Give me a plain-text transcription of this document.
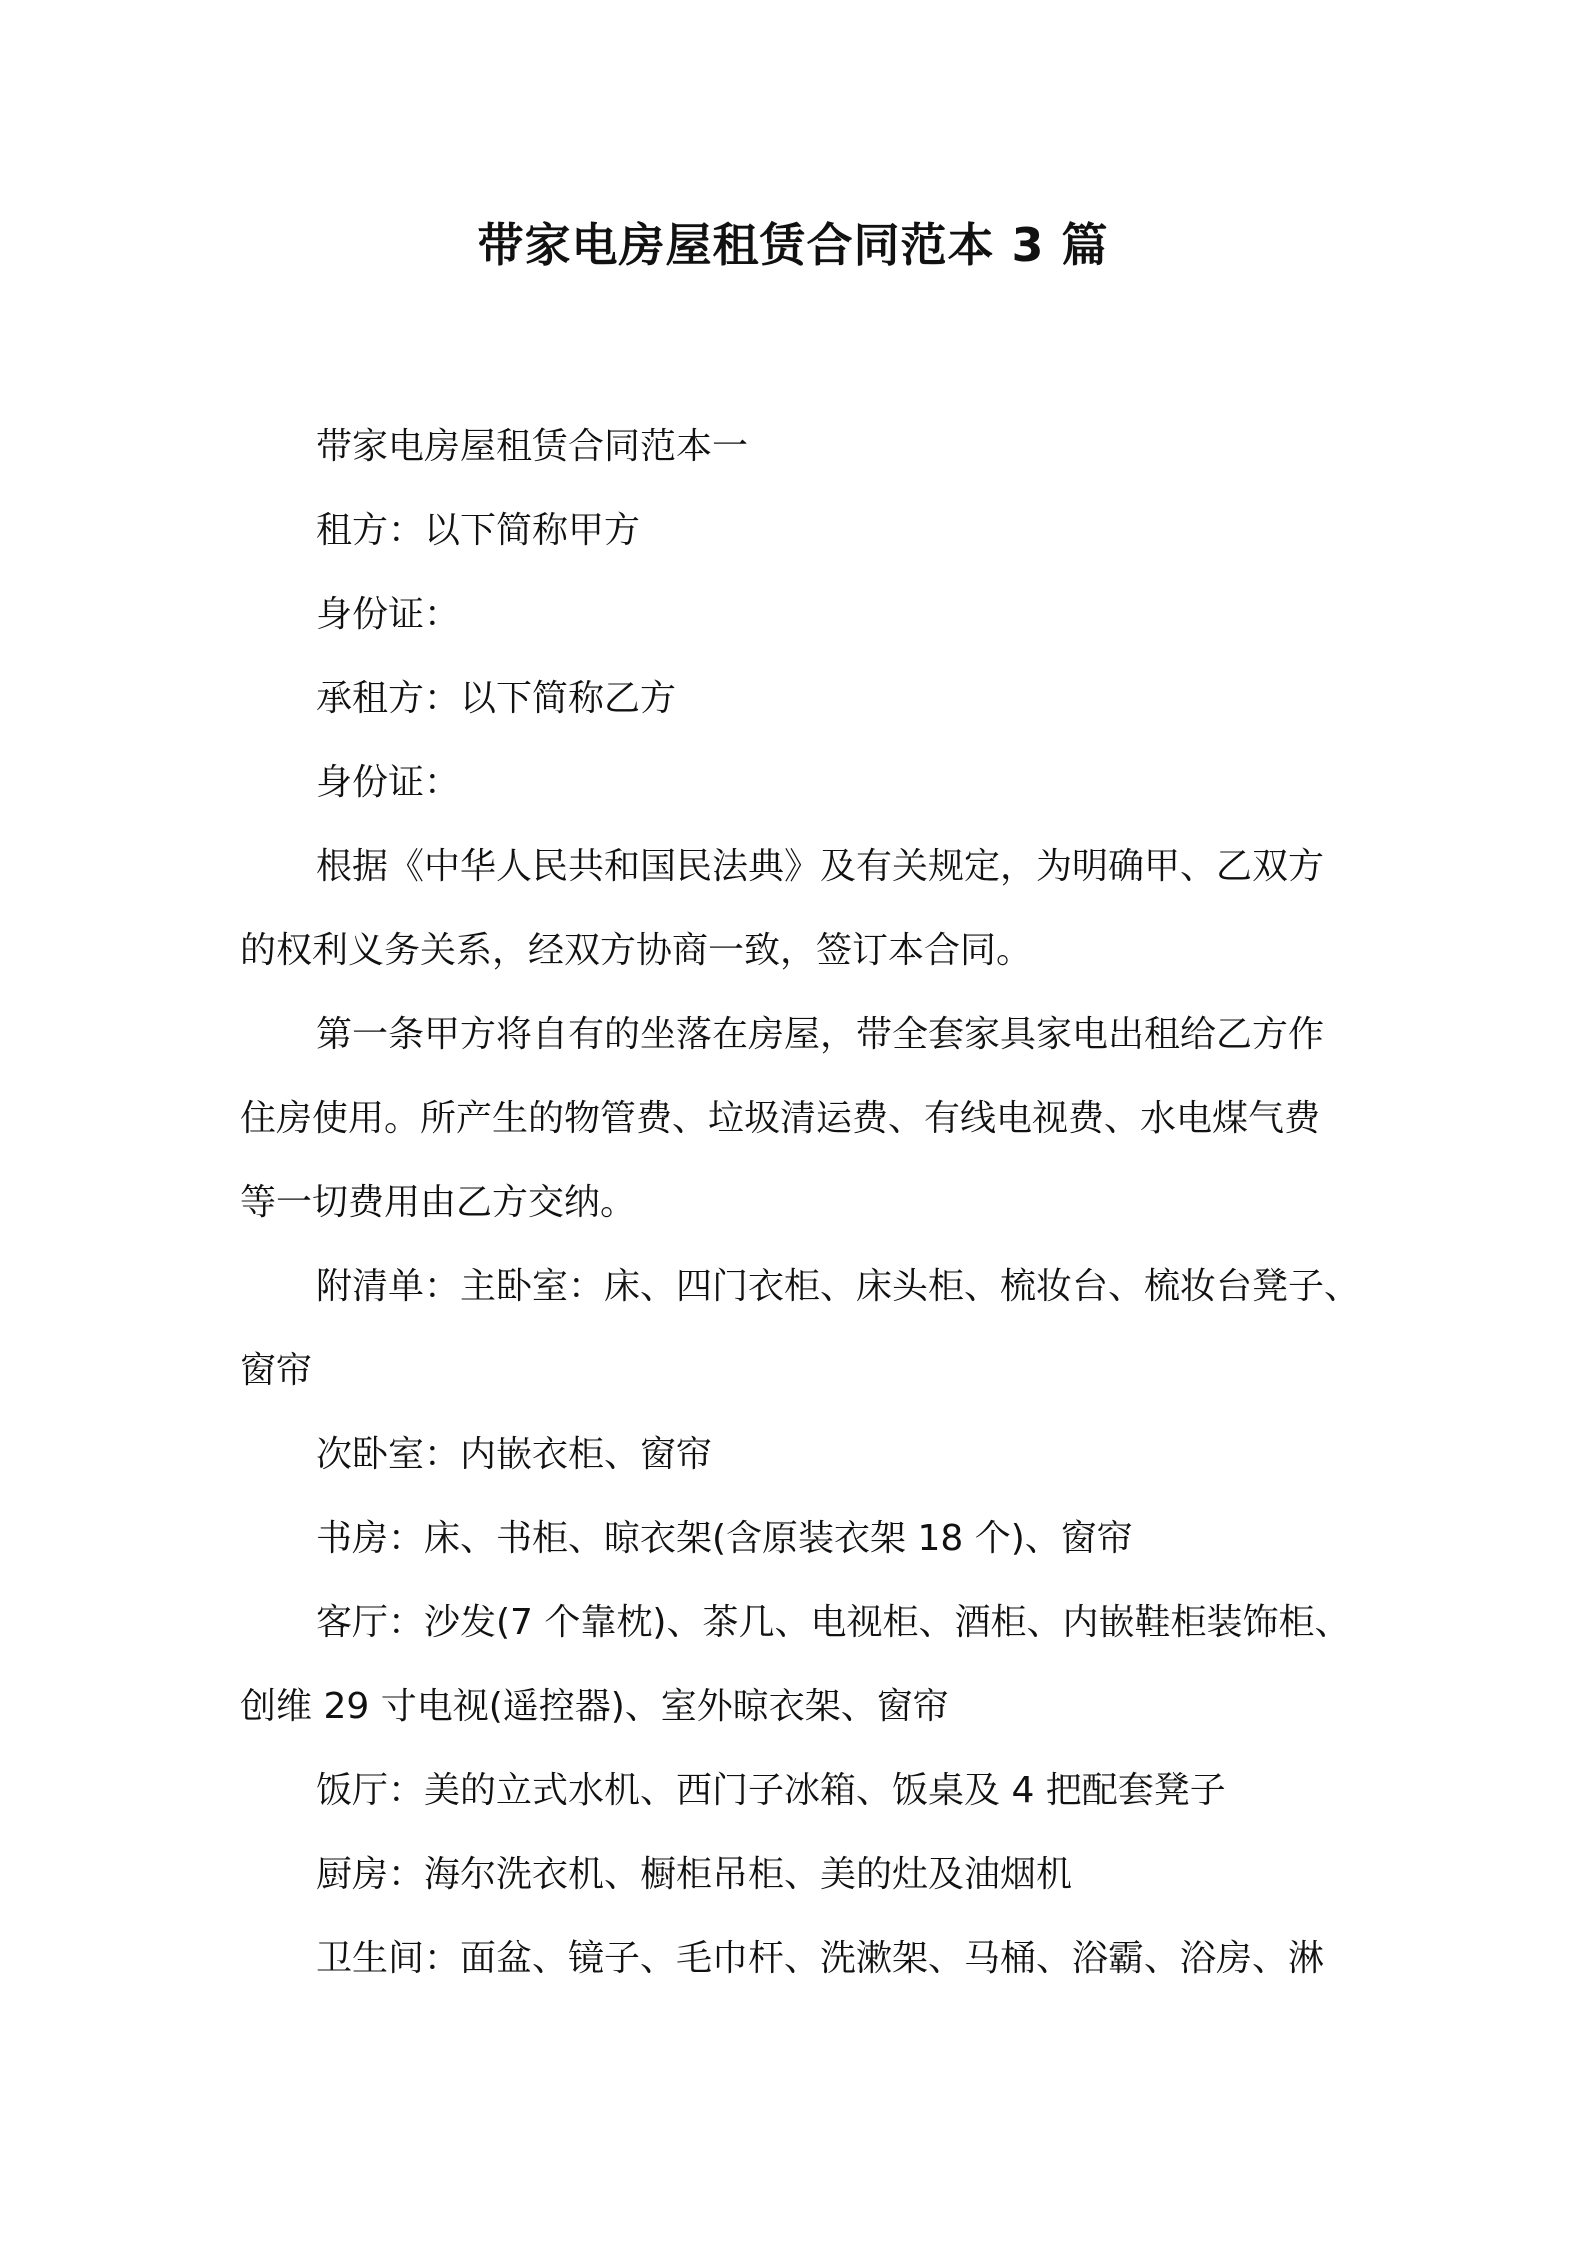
带家电房屋租赁合同范本 3 篇

带家电房屋租赁合同范本一

租方：以下简称甲方

身份证：

承租方：以下简称乙方

身份证：

根据《中华人民共和国民法典》及有关规定，为明确甲、乙双方

的权利义务关系，经双方协商一致，签订本合同。

第一条甲方将自有的坐落在房屋，带全套家具家电出租给乙方作

住房使用。所产生的物管费、垃圾清运费、有线电视费、水电煤气费

等一切费用由乙方交纳。

附清单：主卧室：床、四门衣柜、床头柜、梳妆台、梳妆台凳子、

窗帘

次卧室：内嵌衣柜、窗帘

书房：床、书柜、晾衣架(含原装衣架 18 个)、窗帘

客厅：沙发(7 个靠枕)、茶几、电视柜、酒柜、内嵌鞋柜装饰柜、

创维 29 寸电视(遥控器)、室外晾衣架、窗帘

饭厅：美的立式水机、西门子冰箱、饭桌及 4 把配套凳子

厨房：海尔洗衣机、橱柜吊柜、美的灶及油烟机

卫生间：面盆、镜子、毛巾杆、洗漱架、马桶、浴霸、浴房、淋
